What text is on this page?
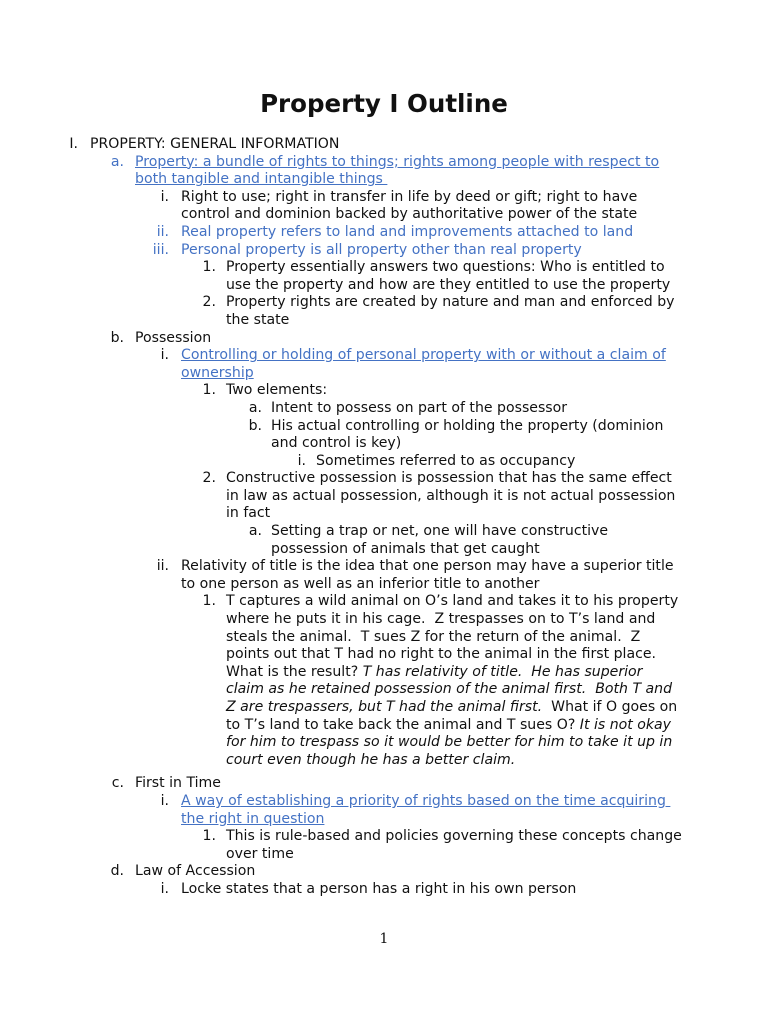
Property I Outline
I. PROPERTY: GENERAL INFORMATION
a. Property: a bundle of rights to things; rights among people with respect to
both tangible and intangible things
i. Right to use; right in transfer in life by deed or gift; right to have
control and dominion backed by authoritative power of the state
ii. Real property refers to land and improvements attached to land
iii. Personal property is all property other than real property
1. Property essentially answers two questions: Who is entitled to
use the property and how are they entitled to use the property
2. Property rights are created by nature and man and enforced by
the state
b. Possession
i. Controlling or holding of personal property with or without a claim of
ownership
1. Two elements:
a. Intent to possess on part of the possessor
b. His actual controlling or holding the property (dominion
and control is key)
i. Sometimes referred to as occupancy
2. Constructive possession is possession that has the same effect
in law as actual possession, although it is not actual possession
in fact
a. Setting a trap or net, one will have constructive
possession of animals that get caught
ii. Relativity of title is the idea that one person may have a superior title
to one person as well as an inferior title to another
1. T captures a wild animal on O’s land and takes it to his property
where he puts it in his cage.  Z trespasses on to T’s land and
steals the animal.  T sues Z for the return of the animal.  Z
points out that T had no right to the animal in the first place.
What is the result? T has relativity of title.  He has superior
claim as he retained possession of the animal first.  Both T and
Z are trespassers, but T had the animal first.  What if O goes on
to T’s land to take back the animal and T sues O? It is not okay
for him to trespass so it would be better for him to take it up in
court even though he has a better claim.
c. First in Time
i. A way of establishing a priority of rights based on the time acquiring
the right in question
1. This is rule-based and policies governing these concepts change
over time
d. Law of Accession
i. Locke states that a person has a right in his own person
1
